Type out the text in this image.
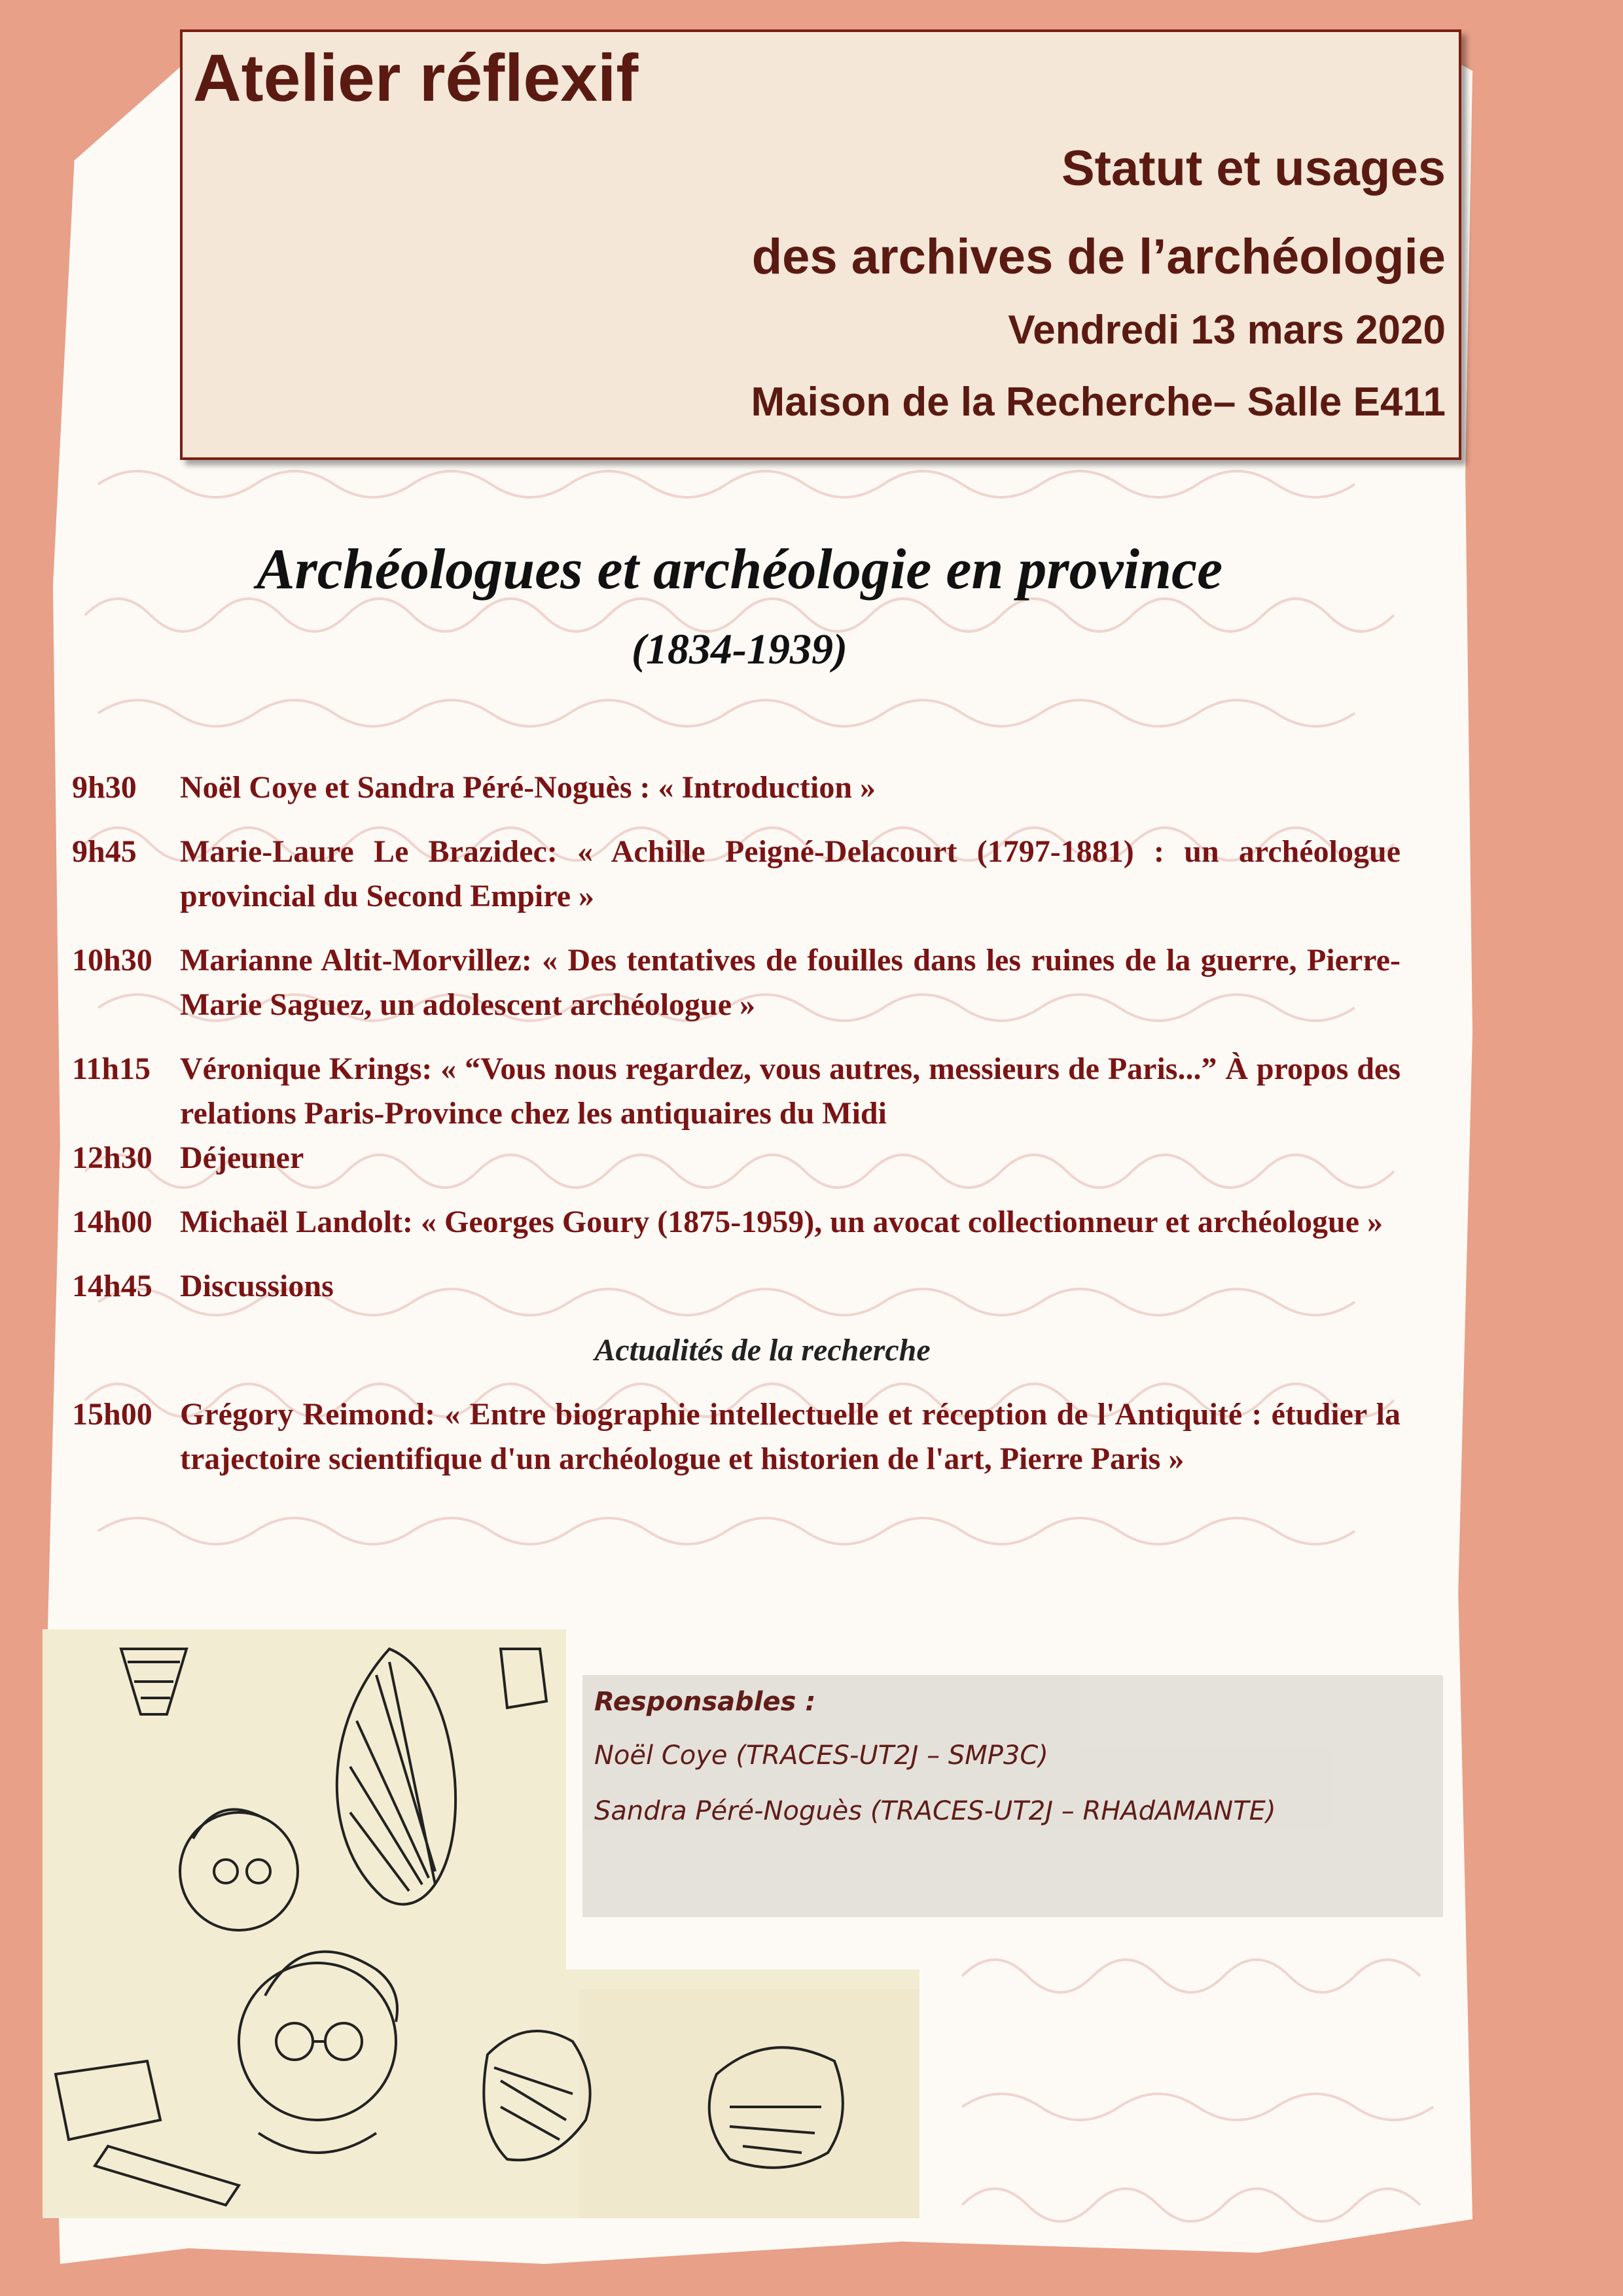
Atelier réflexif
Statut et usages
des archives de l’archéologie
Vendredi 13 mars 2020
Maison de la Recherche– Salle E411
Archéologues et archéologie en province
(1834-1939)
9h30	Noël Coye et Sandra Péré-Noguès : « Introduction »
9h45	Marie-Laure Le Brazidec: « Achille Peigné-Delacourt (1797-1881) : un archéologue provincial du Second Empire »
10h30 Marianne Altit-Morvillez: « Des tentatives de fouilles dans les ruines de la guerre, Pierre-Marie Saguez, un adolescent archéologue »
11h15 Véronique Krings: « “Vous nous regardez, vous autres, messieurs de Paris...” À propos des relations Paris-Province chez les antiquaires du Midi
12h30 Déjeuner
14h00 Michaël Landolt: « Georges Goury (1875-1959), un avocat collectionneur et archéologue »
14h45 Discussions
Actualités de la recherche
15h00 Grégory Reimond: « Entre biographie intellectuelle et réception de l'Antiquité : étudier la trajectoire scientifique d'un archéologue et historien de l'art, Pierre Paris »
Responsables :
Noël Coye (TRACES-UT2J – SMP3C)
Sandra Péré-Noguès (TRACES-UT2J – RHAdAMANTE)
